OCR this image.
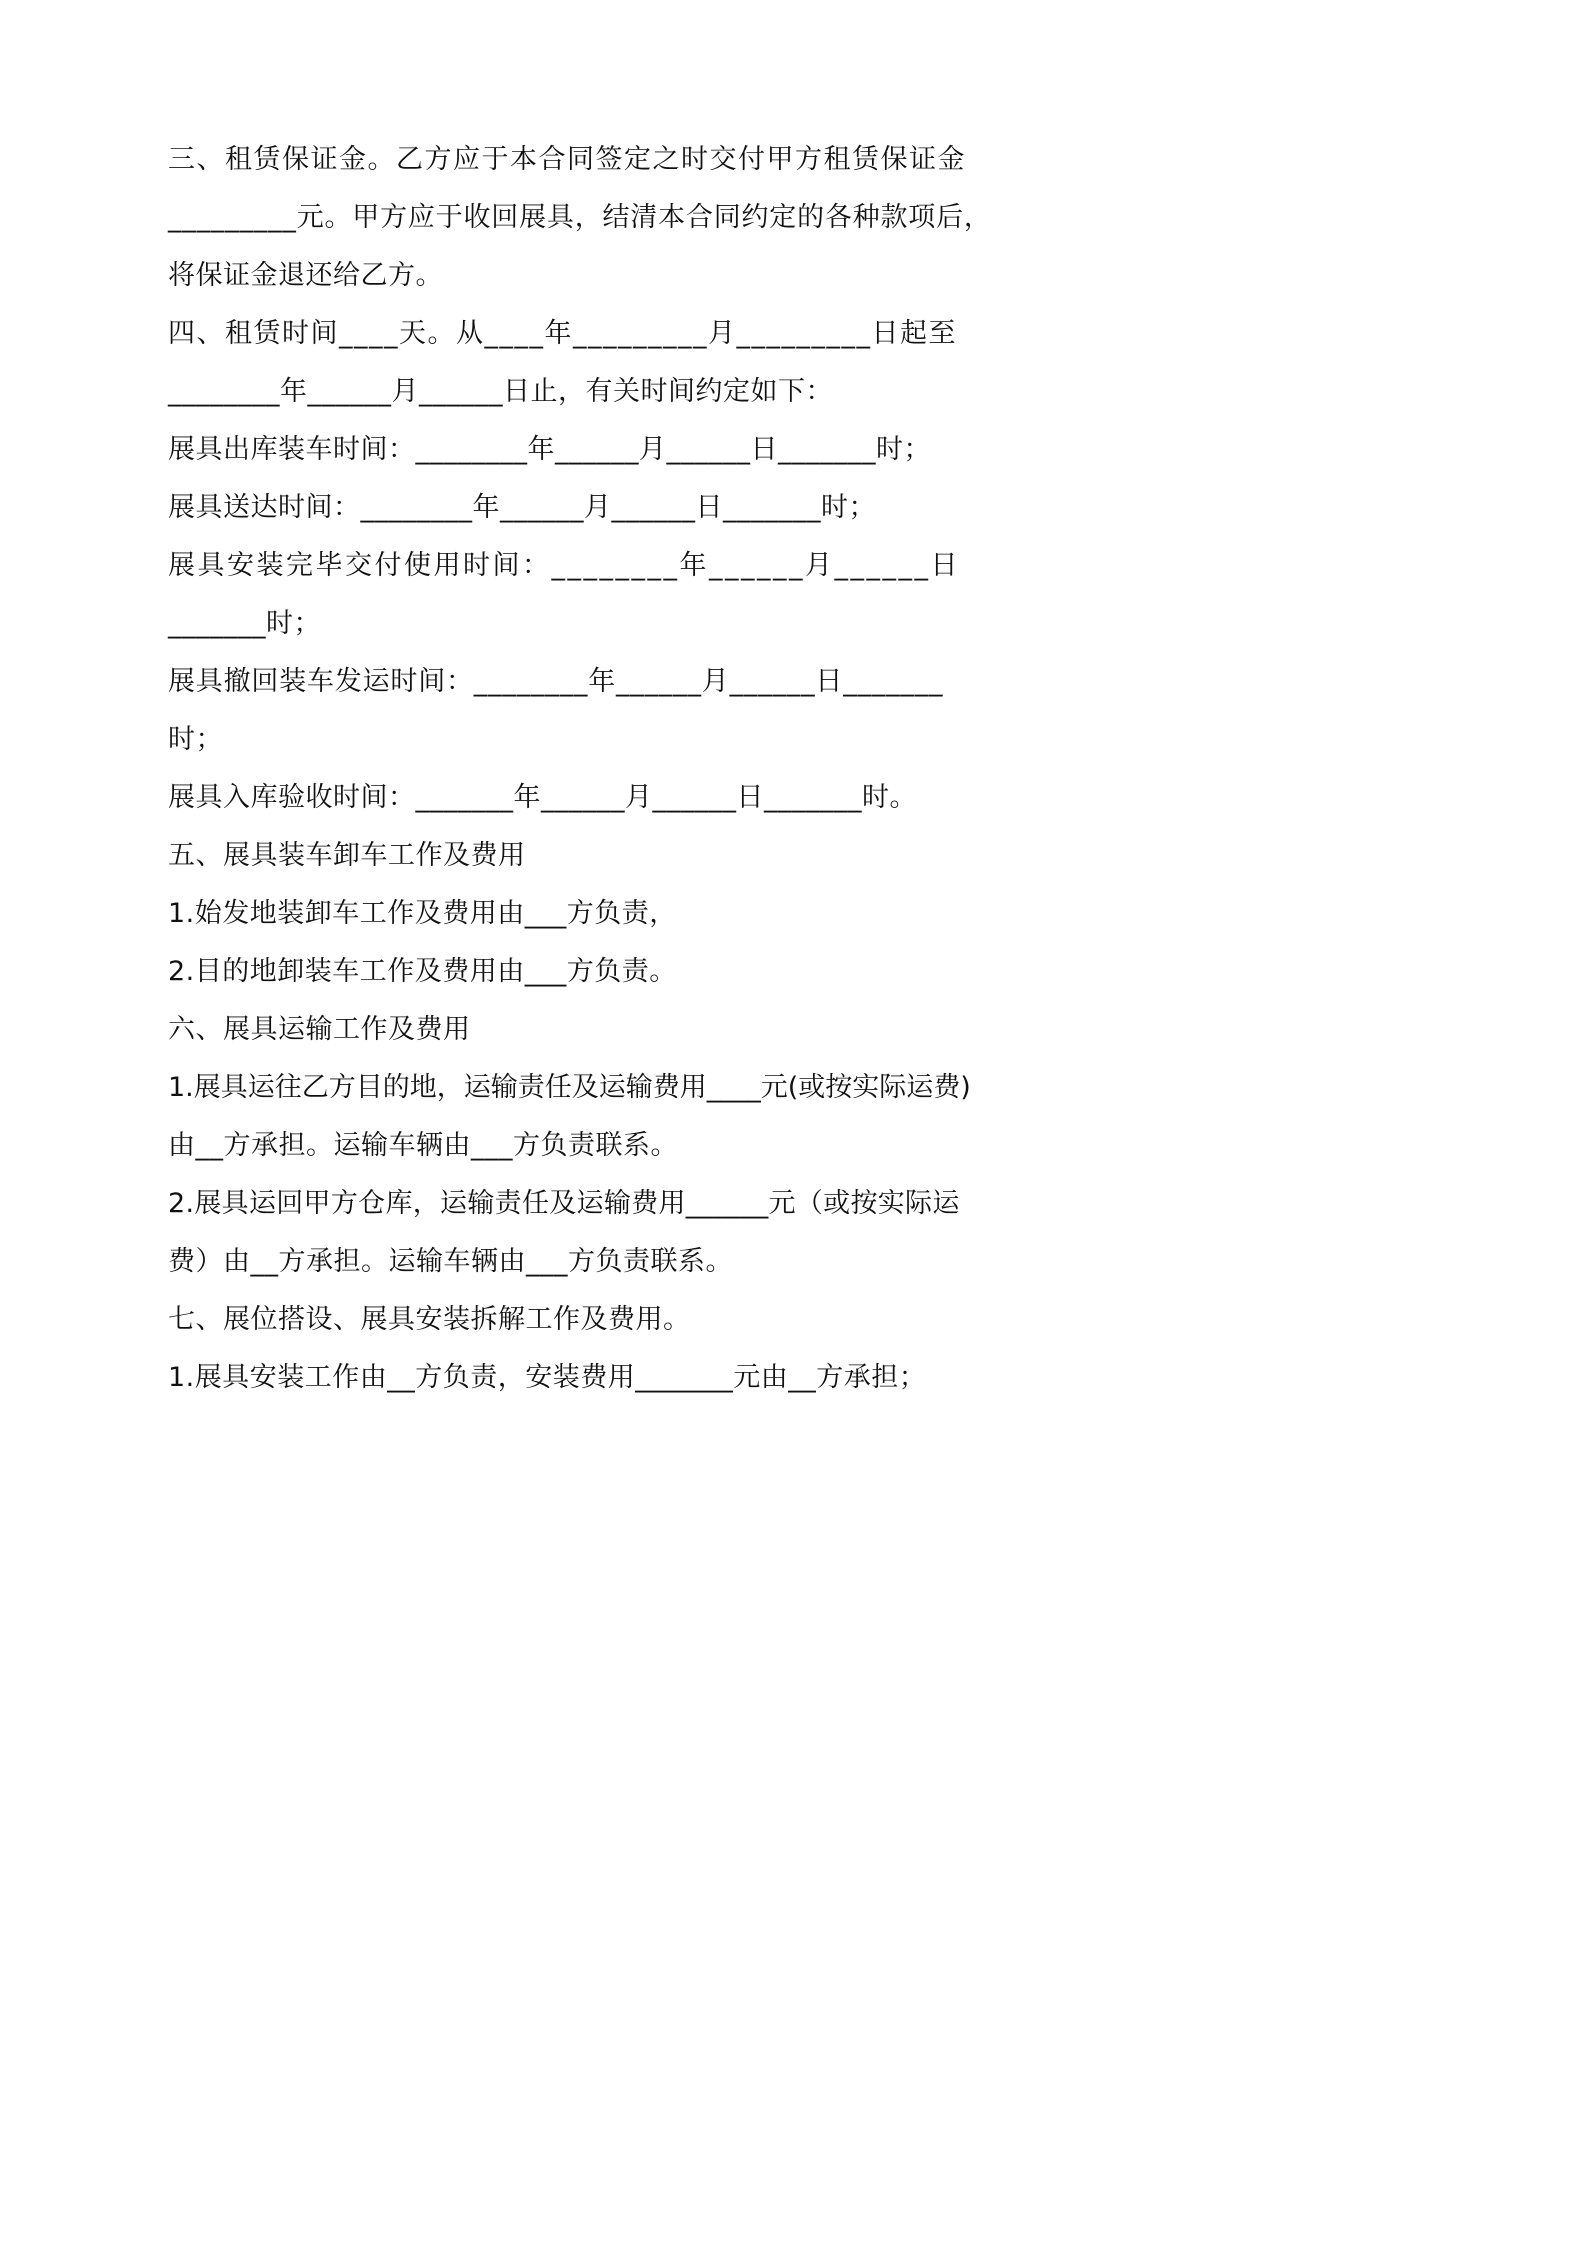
三、租赁保证金。乙方应于本合同签定之时交付甲方租赁保证金
_________元。甲方应于收回展具，结清本合同约定的各种款项后，
将保证金退还给乙方。
四、租赁时间____天。从____年_________月_________日起至
________年______月______日止，有关时间约定如下：
展具出库装车时间：________年______月______日_______时；
展具送达时间：________年______月______日_______时；
展具安装完毕交付使用时间：________年______月______日
_______时；
展具撤回装车发运时间：________年______月______日_______
时；
展具入库验收时间：_______年______月______日_______时。
五、展具装车卸车工作及费用
1.始发地装卸车工作及费用由___方负责，
2.目的地卸装车工作及费用由___方负责。
六、展具运输工作及费用
1.展具运往乙方目的地，运输责任及运输费用____元(或按实际运费)
由__方承担。运输车辆由___方负责联系。
2.展具运回甲方仓库，运输责任及运输费用______元（或按实际运
费）由__方承担。运输车辆由___方负责联系。
七、展位搭设、展具安装拆解工作及费用。
1.展具安装工作由__方负责，安装费用_______元由__方承担；
